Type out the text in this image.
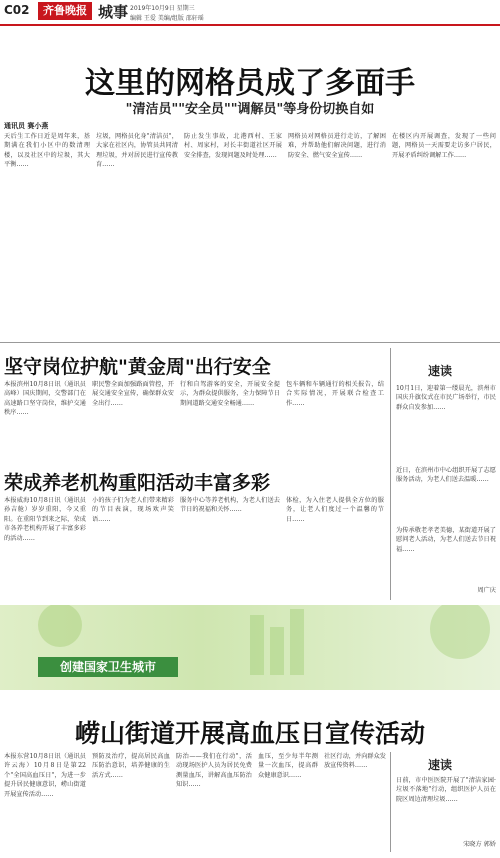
C02	齐鲁晚报 城事 2019年10月9日 星期三
编辑 王爱 美编/组版 邵轩瑶
这里的网格员成了多面手
"清洁员""安全员""调解员"等身份切换自如
通讯员 赛小燕
天后生工作日近是周年来，基期满在我们小区中的数清理楼，以及社区中的垃圾，其大平衡……
垃圾，网格员化身"清洁员"，大家在社区内，协管员共同清理垃圾，并对居民进行宣传教育……
防止发生事故，北港西村、王家村、周家村，对长丰街道社区开展安全排查，发现问题及时处理……
网格员对网格员进行走访，了解困难，并帮助他们解决问题，进行消防安全、燃气安全宣传……
在楼区内开展调查，发现了一些问题，网格员一天需要走访多户居民，开展矛盾纠纷调解工作……
坚守岗位护航"黄金周"出行安全
本报滨州10月8日讯（通讯员 高峰）国庆期间，交警部门在高速路口坚守岗位，维护交通秩序……
职民警全面加强路面管控，开展交通安全宣传，确保群众安全出行……
行和自驾游客的安全，开展安全提示，为群众提供服务，全力保障节日期间道路交通安全畅通……
包车辆和车辆通行的相关报告，结合实际情况，开展联合检查工作……
荣成养老机构重阳活动丰富多彩
本报威海10月8日讯（通讯员 孙吉舱）岁岁重阳，今又重阳。在重阳节到来之际，荣成市各养老机构开展了丰富多彩的活动……
小的孩子们为老人们带来精彩的节目表演，现场欢声笑语……
服务中心等养老机构，为老人们送去节日的祝福和关怀……
体检，为入住老人提供全方位的服务，让老人们度过一个温馨的节日……
速读
10月1日，迎着第一缕晨光，滨州市国庆升旗仪式在市民广场举行，市民群众自发参加……
近日，在滨州市中心组织开展了志愿服务活动，为老人们送去温暖……
为传承敬老孝老美德，某街道开展了慰问老人活动，为老人们送去节日祝福……
周广庆
创建国家卫生城市
崂山街道开展高血压日宣传活动
本报东营10月8日讯（通讯员 许云海）10月8日是第22个"全国高血压日"，为进一步提升居民健康意识，崂山街道开展宣传活动……
预防及治疗，提高居民高血压防治意识，培养健康的生活方式……
防治——我们在行动"，活动现场医护人员为居民免费测量血压，讲解高血压防治知识……
血压，至少每半年测量一次血压，提高群众健康意识……
社区行动，并向群众发放宣传资料……	速读
日前，市中医医院开展了"清洁家园·垃圾不落地"行动，组织医护人员在院区周边清理垃圾……
宋晓方 郭娇
